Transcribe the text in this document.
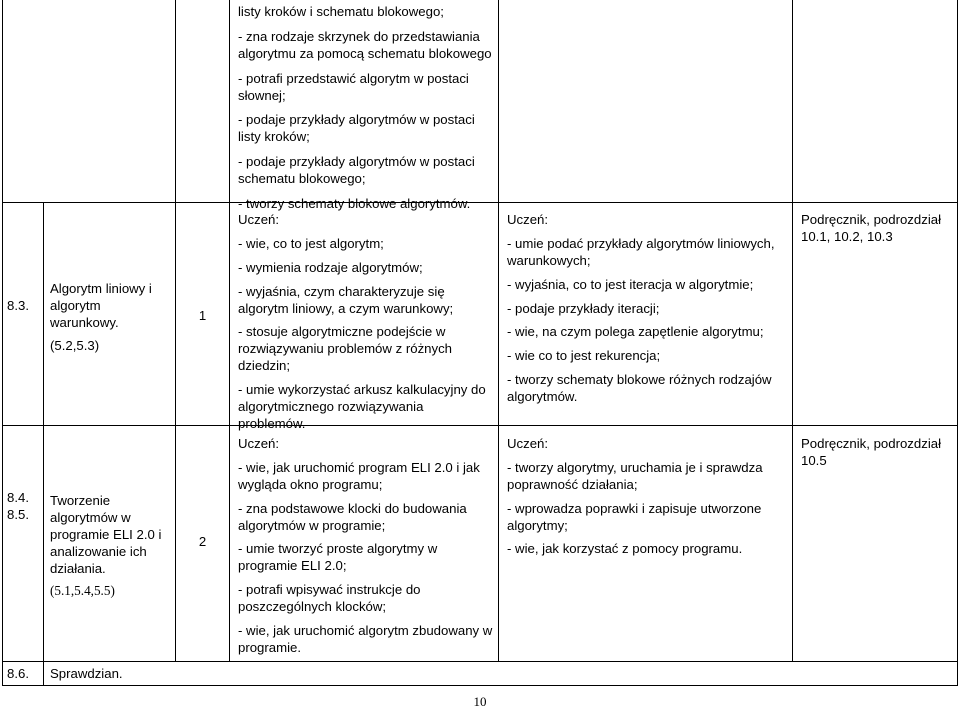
listy kroków i schematu blokowego;

- zna rodzaje skrzynek do przedstawiania algorytmu za pomocą schematu blokowego

- potrafi przedstawić algorytm w postaci słownej;

- podaje przykłady algorytmów w postaci listy kroków;

- podaje przykłady algorytmów w postaci schematu blokowego;

- tworzy schematy blokowe algorytmów.

8.3.

Algorytm liniowy i algorytm warunkowy.

(5.2,5.3)

1

Uczeń:

- wie, co to jest algorytm;

- wymienia rodzaje algorytmów;

- wyjaśnia, czym charakteryzuje się algorytm liniowy, a czym warunkowy;

- stosuje algorytmiczne podejście w rozwiązywaniu problemów z różnych dziedzin;

- umie wykorzystać arkusz kalkulacyjny do algorytmicznego rozwiązywania problemów.

Uczeń:

- umie podać przykłady algorytmów liniowych, warunkowych;

- wyjaśnia, co to jest iteracja w algorytmie;

- podaje przykłady iteracji;

- wie, na czym polega zapętlenie algorytmu;

- wie co to jest rekurencja;

- tworzy schematy blokowe różnych rodzajów algorytmów.

Podręcznik, podrozdział 10.1, 10.2, 10.3
8.4. 8.5.

Tworzenie algorytmów w programie ELI 2.0 i analizowanie ich działania.

(5.1,5.4,5.5)

2

Uczeń:

- wie, jak uruchomić program ELI 2.0 i jak wygląda okno programu;

- zna podstawowe klocki do budowania algorytmów w programie;

- umie tworzyć proste algorytmy w programie ELI 2.0;

- potrafi wpisywać instrukcje do poszczególnych klocków;

- wie, jak uruchomić algorytm zbudowany w programie.

Uczeń:

- tworzy algorytmy, uruchamia je i sprawdza poprawność działania;

- wprowadza poprawki i zapisuje utworzone algorytmy;

- wie, jak korzystać z pomocy programu.

Podręcznik, podrozdział 10.5
8.6.	Sprawdzian.
10
